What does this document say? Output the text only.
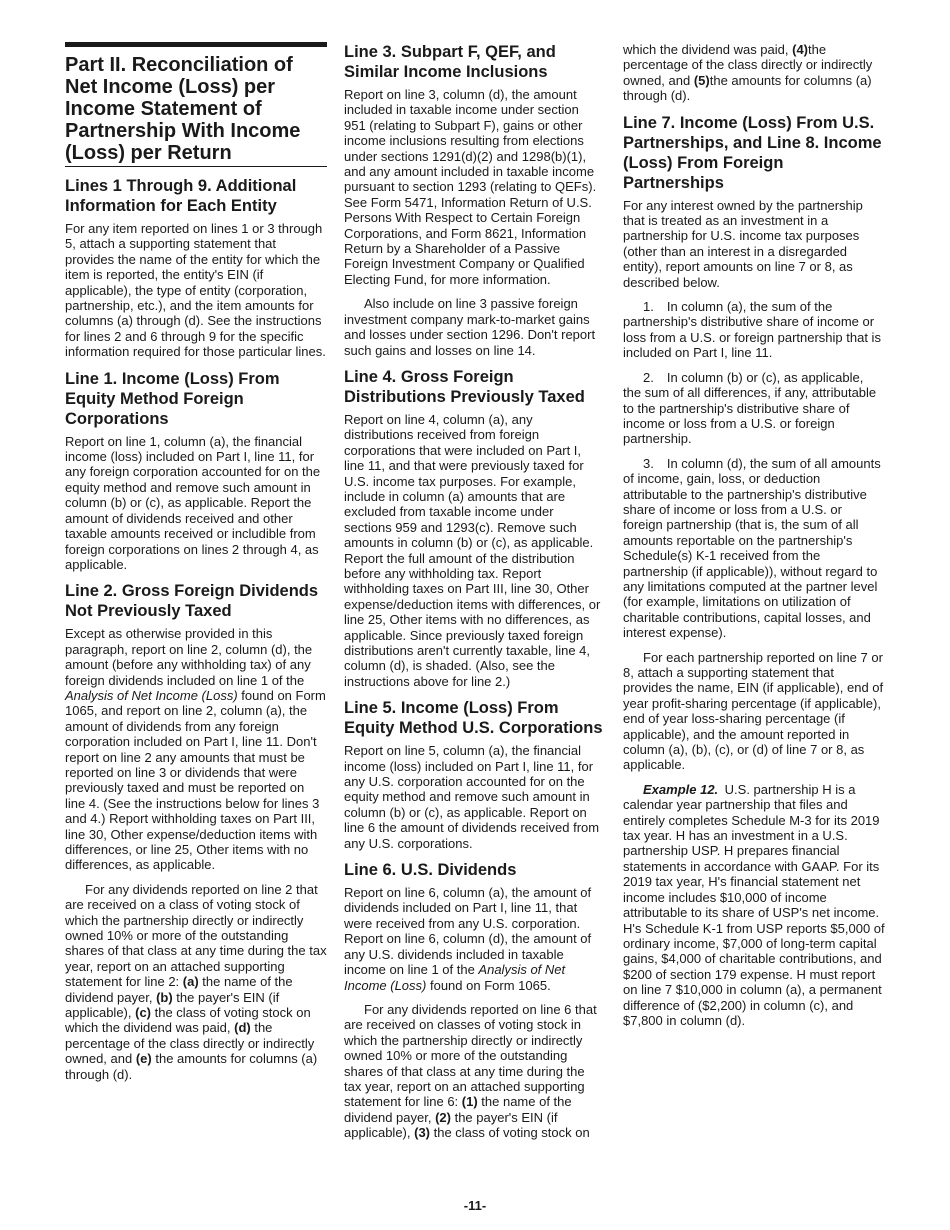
Part II. Reconciliation of Net Income (Loss) per Income Statement of Partnership With Income (Loss) per Return
Lines 1 Through 9. Additional Information for Each Entity

For any item reported on lines 1 or 3 through 5, attach a supporting statement that provides the name of the entity for which the item is reported, the entity's EIN (if applicable), the type of entity (corporation, partnership, etc.), and the item amounts for columns (a) through (d). See the instructions for lines 2 and 6 through 9 for the specific information required for those particular lines.

Line 1. Income (Loss) From Equity Method Foreign Corporations

Report on line 1, column (a), the financial income (loss) included on Part I, line 11, for any foreign corporation accounted for on the equity method and remove such amount in column (b) or (c), as applicable. Report the amount of dividends received and other taxable amounts received or includible from foreign corporations on lines 2 through 4, as applicable.

Line 2. Gross Foreign Dividends Not Previously Taxed

Except as otherwise provided in this paragraph, report on line 2, column (d), the amount (before any withholding tax) of any foreign dividends included on line 1 of the Analysis of Net Income (Loss) found on Form 1065, and report on line 2, column (a), the amount of dividends from any foreign corporation included on Part I, line 11. Don't report on line 2 any amounts that must be reported on line 3 or dividends that were previously taxed and must be reported on line 4. (See the instructions below for lines 3 and 4.) Report withholding taxes on Part III, line 30, Other expense/deduction items with differences, or line 25, Other items with no differences, as applicable.

For any dividends reported on line 2 that are received on a class of voting stock of which the partnership directly or indirectly owned 10% or more of the outstanding shares of that class at any time during the tax year, report on an attached supporting statement for line 2: (a) the name of the dividend payer, (b) the payer's EIN (if applicable), (c) the class of voting stock on which the dividend was paid, (d) the percentage of the class directly or indirectly owned, and (e) the amounts for columns (a) through (d).

Line 3. Subpart F, QEF, and Similar Income Inclusions

Report on line 3, column (d), the amount included in taxable income under section 951 (relating to Subpart F), gains or other income inclusions resulting from elections under sections 1291(d)(2) and 1298(b)(1), and any amount included in taxable income pursuant to section 1293 (relating to QEFs). See Form 5471, Information Return of U.S. Persons With Respect to Certain Foreign Corporations, and Form 8621, Information Return by a Shareholder of a Passive Foreign Investment Company or Qualified Electing Fund, for more information.

Also include on line 3 passive foreign investment company mark-to-market gains and losses under section 1296. Don't report such gains and losses on line 14.

Line 4. Gross Foreign Distributions Previously Taxed

Report on line 4, column (a), any distributions received from foreign corporations that were included on Part I, line 11, and that were previously taxed for U.S. income tax purposes. For example, include in column (a) amounts that are excluded from taxable income under sections 959 and 1293(c). Remove such amounts in column (b) or (c), as applicable. Report the full amount of the distribution before any withholding tax. Report withholding taxes on Part III, line 30, Other expense/deduction items with differences, or line 25, Other items with no differences, as applicable. Since previously taxed foreign distributions aren't currently taxable, line 4, column (d), is shaded. (Also, see the instructions above for line 2.)

Line 5. Income (Loss) From Equity Method U.S. Corporations

Report on line 5, column (a), the financial income (loss) included on Part I, line 11, for any U.S. corporation accounted for on the equity method and remove such amount in column (b) or (c), as applicable. Report on line 6 the amount of dividends received from any U.S. corporations.

Line 6. U.S. Dividends

Report on line 6, column (a), the amount of dividends included on Part I, line 11, that were received from any U.S. corporation. Report on line 6, column (d), the amount of any U.S. dividends included in taxable income on line 1 of the Analysis of Net Income (Loss) found on Form 1065.

For any dividends reported on line 6 that are received on classes of voting stock in which the partnership directly or indirectly owned 10% or more of the outstanding shares of that class at any time during the tax year, report on an attached supporting statement for line 6: (1) the name of the dividend payer, (2) the payer's EIN (if applicable), (3) the class of voting stock on

which the dividend was paid, (4)the percentage of the class directly or indirectly owned, and (5)the amounts for columns (a) through (d).

Line 7. Income (Loss) From U.S. Partnerships, and Line 8. Income (Loss) From Foreign Partnerships

For any interest owned by the partnership that is treated as an investment in a partnership for U.S. income tax purposes (other than an interest in a disregarded entity), report amounts on line 7 or 8, as described below.

1. In column (a), the sum of the partnership's distributive share of income or loss from a U.S. or foreign partnership that is included on Part I, line 11.

2. In column (b) or (c), as applicable, the sum of all differences, if any, attributable to the partnership's distributive share of income or loss from a U.S. or foreign partnership.

3. In column (d), the sum of all amounts of income, gain, loss, or deduction attributable to the partnership's distributive share of income or loss from a U.S. or foreign partnership (that is, the sum of all amounts reportable on the partnership's Schedule(s) K-1 received from the partnership (if applicable)), without regard to any limitations computed at the partner level (for example, limitations on utilization of charitable contributions, capital losses, and interest expense).

For each partnership reported on line 7 or 8, attach a supporting statement that provides the name, EIN (if applicable), end of year profit-sharing percentage (if applicable), end of year loss-sharing percentage (if applicable), and the amount reported in column (a), (b), (c), or (d) of line 7 or 8, as applicable.

Example 12. U.S. partnership H is a calendar year partnership that files and entirely completes Schedule M-3 for its 2019 tax year. H has an investment in a U.S. partnership USP. H prepares financial statements in accordance with GAAP. For its 2019 tax year, H's financial statement net income includes $10,000 of income attributable to its share of USP's net income. H's Schedule K-1 from USP reports $5,000 of ordinary income, $7,000 of long-term capital gains, $4,000 of charitable contributions, and $200 of section 179 expense. H must report on line 7 $10,000 in column (a), a permanent difference of ($2,200) in column (c), and $7,800 in column (d).

-11-
